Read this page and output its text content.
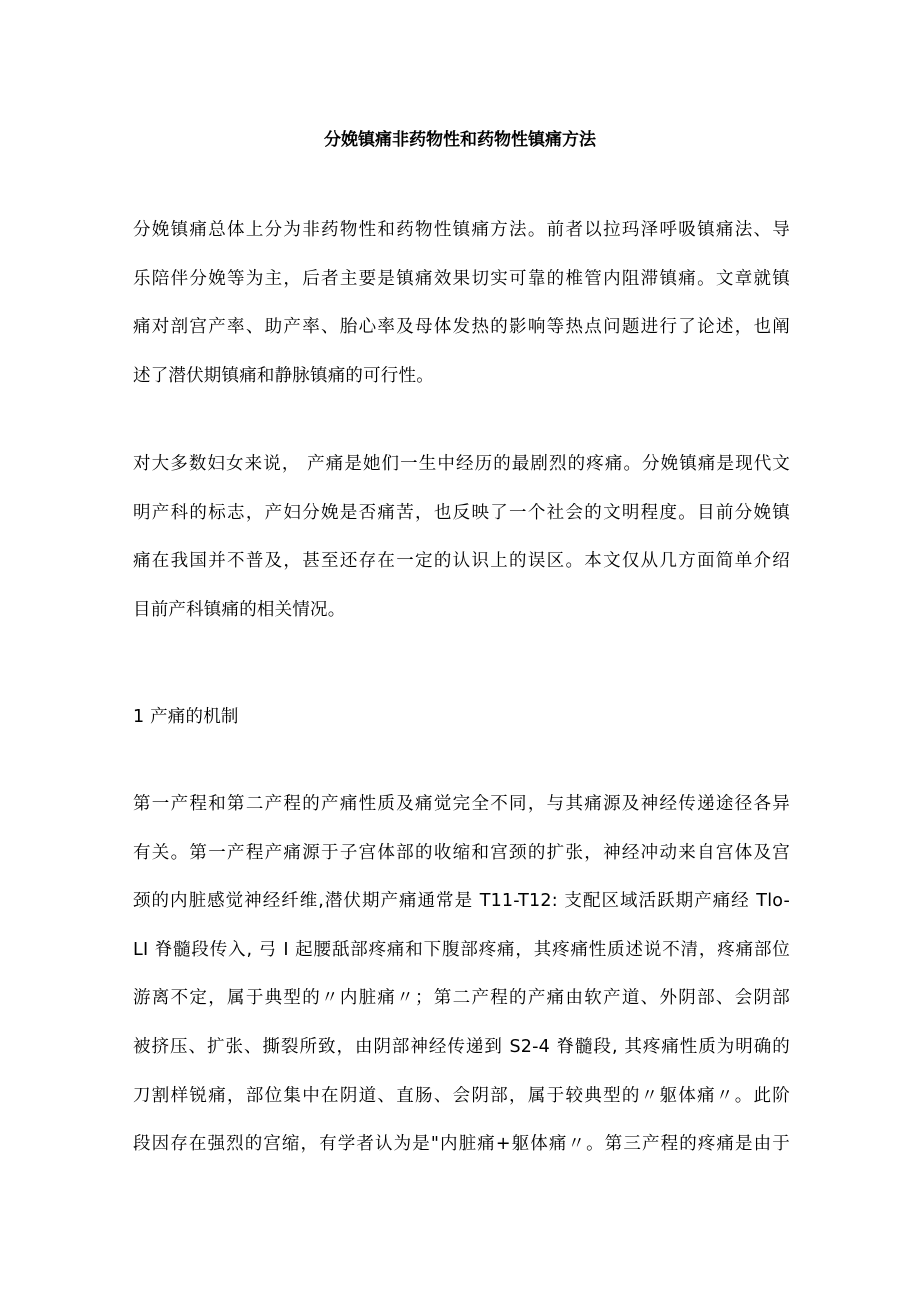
分娩镇痛非药物性和药物性镇痛方法

分娩镇痛总体上分为非药物性和药物性镇痛方法。前者以拉玛泽呼吸镇痛法、导
乐陪伴分娩等为主，后者主要是镇痛效果切实可靠的椎管内阻滞镇痛。文章就镇
痛对剖宫产率、助产率、胎心率及母体发热的影响等热点问题进行了论述，也阐
述了潜伏期镇痛和静脉镇痛的可行性。

对大多数妇女来说， 产痛是她们一生中经历的最剧烈的疼痛。分娩镇痛是现代文
明产科的标志，产妇分娩是否痛苦，也反映了一个社会的文明程度。目前分娩镇
痛在我国并不普及，甚至还存在一定的认识上的误区。本文仅从几方面简单介绍
目前产科镇痛的相关情况。

1 产痛的机制

第一产程和第二产程的产痛性质及痛觉完全不同，与其痛源及神经传递途径各异
有关。第一产程产痛源于子宫体部的收缩和宫颈的扩张，神经冲动来自宫体及宫
颈的内脏感觉神经纤维,潜伏期产痛通常是 T11-T12: 支配区域活跃期产痛经 Tlo-
LI 脊髓段传入, 弓 I 起腰舐部疼痛和下腹部疼痛，其疼痛性质述说不清，疼痛部位
游离不定，属于典型的〃内脏痛〃；第二产程的产痛由软产道、外阴部、会阴部
被挤压、扩张、撕裂所致，由阴部神经传递到 S2-4 脊髓段, 其疼痛性质为明确的
刀割样锐痛，部位集中在阴道、直肠、会阴部，属于较典型的〃躯体痛〃。此阶
段因存在强烈的宫缩，有学者认为是"内脏痛+躯体痛〃。第三产程的疼痛是由于
